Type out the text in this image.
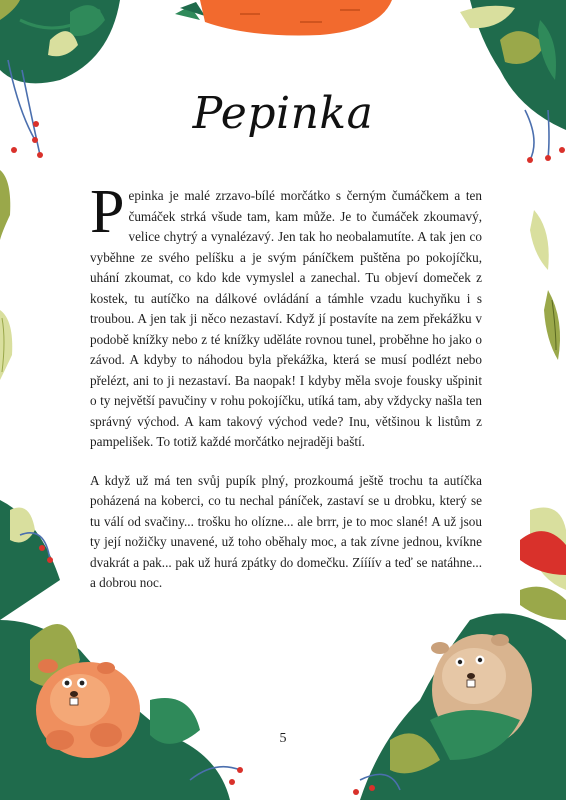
Pepinka

P epinka je malé zrzavo-bílé morčátko s černým čumáčkem a ten čumáček strká všude tam, kam může. Je to čumáček zkoumavý, velice chytrý a vynalézavý. Jen tak ho neobalamutíte. A tak jen co vyběhne ze svého pelíšku a je svým páníčkem puštěna po pokojíčku, uhání zkoumat, co kdo kde vymyslel a zanechal. Tu objeví domeček z kostek, tu autíčko na dálkové ovládání a támhle vzadu kuchyňku i s troubou. A jen tak ji něco nezastaví. Když jí postavíte na zem překážku v podobě knížky nebo z té knížky uděláte rovnou tunel, proběhne ho jako o závod. A kdyby to náhodou byla překážka, která se musí podlézt nebo přelézt, ani to ji nezastaví. Ba naopak! I kdyby měla svoje fousky ušpinit o ty největší pavučiny v rohu pokojíčku, utíká tam, aby vždycky našla ten správný východ. A kam takový východ vede? Inu, většinou k listům z pampelišek. To totiž každé morčátko nejraději baští.

A když už má ten svůj pupík plný, prozkoumá ještě trochu ta autíčka poházená na koberci, co tu nechal páníček, zastaví se u drobku, který se tu válí od svačiny... trošku ho olízne... ale brrr, je to moc slané! A už jsou ty její nožičky unavené, už toho oběhaly moc, a tak zívne jednou, kvíkne dvakrát a pak... pak už hurá zpátky do domečku. Zíííív a teď se natáhne... a dobrou noc.

5
